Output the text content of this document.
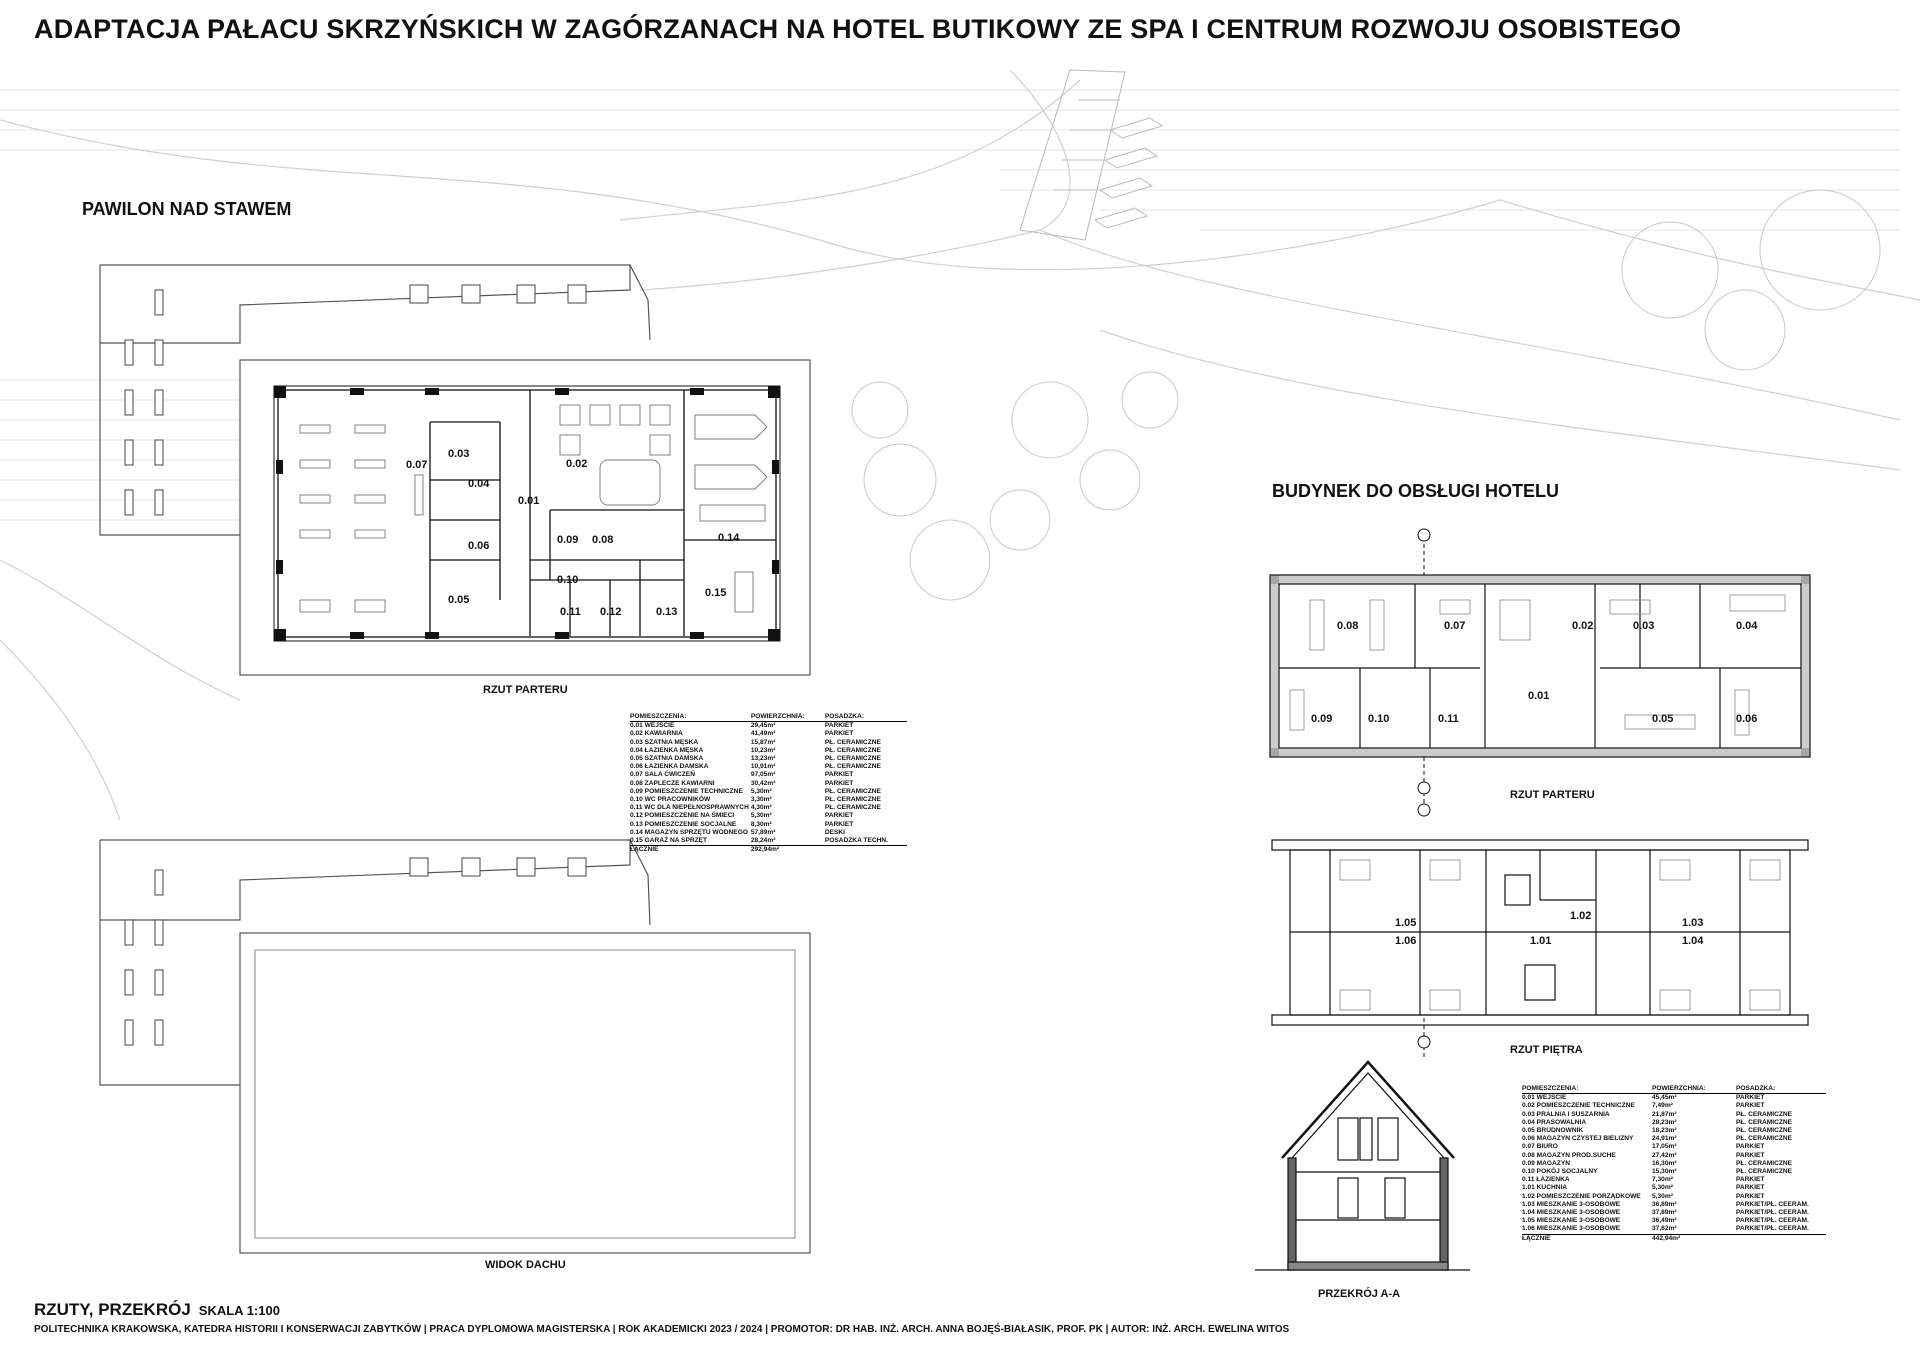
ADAPTACJA PAŁACU SKRZYŃSKICH W ZAGÓRZANACH NA HOTEL BUTIKOWY ZE SPA I CENTRUM ROZWOJU OSOBISTEGO
PAWILON NAD STAWEM
0.07
0.01
0.02
0.03
0.04
0.05
0.06	0.08
0.09
0.10
0.11 0.12	0.13
0.14
0.15
RZUT PARTERU
WIDOK DACHU
POMIESZCZENIA:	POWIERZCHNIA:	POSADZKA:
0.01 WEJŚCIE	29,45m²	PARKIET
0.02 KAWIARNIA	41,49m²	PARKIET
0.03 SZATNIA MĘSKA	15,87m²	PŁ. CERAMICZNE
0.04 ŁAZIENKA MĘSKA	10,23m²	PŁ. CERAMICZNE
0.05 SZATNIA DAMSKA	13,23m²	PŁ. CERAMICZNE
0.06 ŁAZIENKA DAMSKA	10,91m²	PŁ. CERAMICZNE
0.07 SALA ĆWICZEŃ	97,05m²	PARKIET
0.08 ZAPLECZE KAWIARNI	30,42m²	PARKIET
0.09 POMIESZCZENIE TECHNICZNE	5,30m²	PŁ. CERAMICZNE
0.10 WC PRACOWNIKÓW	3,30m²	PŁ. CERAMICZNE
0.11 WC DLA NIEPEŁNOSPRAWNYCH	4,30m²	PŁ. CERAMICZNE
0.12 POMIESZCZENIE NA ŚMIECI	5,30m²	PARKIET
0.13 POMIESZCZENIE SOCJALNE	8,30m²	PARKIET
0.14 MAGAZYN SPRZĘTU WODNEGO	57,89m²	DESKI
0.15 GARAŻ NA SPRZĘT	28,24m²	POSADZKA TECHN.
ŁĄCZNIE	292,94m²	
BUDYNEK DO OBSŁUGI HOTELU
0.08	0.07	0.02	0.03	0.04
0.09	0.10	0.11
0.01
0.05	0.06
RZUT PARTERU
1.02
1.05	1.03
1.06	1.01	1.04
RZUT PIĘTRA
PRZEKRÓJ A-A
POMIESZCZENIA:	POWIERZCHNIA:	POSADZKA:
0.01 WEJŚCIE	45,45m²	PARKIET
0.02 POMIESZCZENIE TECHNICZNE	7,49m²	PARKIET
0.03 PRALNIA I SUSZARNIA	21,87m²	PŁ. CERAMICZNE
0.04 PRASOWALNIA	28,23m²	PŁ. CERAMICZNE
0.05 BRUDNOWNIK	18,23m²	PŁ. CERAMICZNE
0.06 MAGAZYN CZYSTEJ BIELIZNY	24,91m²	PŁ. CERAMICZNE
0.07 BIURO	17,05m²	PARKIET
0.08 MAGAZYN PROD.SUCHE	27,42m²	PARKIET
0.09 MAGAZYN	16,30m²	PŁ. CERAMICZNE
0.10 POKÓJ SOCJALNY	15,30m²	PŁ. CERAMICZNE
0.11 ŁAZIENKA	7,30m²	PARKIET
1.01 KUCHNIA	5,30m²	PARKIET
1.02 POMIESZCZENIE PORZĄDKOWE	5,30m²	PARKIET
1.03 MIESZKANIE 3-OSOBOWE	36,89m²	PARKIET/PŁ. CEERAM.
1.04 MIESZKANIE 3-OSOBOWE	37,89m²	PARKIET/PŁ. CEERAM.
1.05 MIESZKANIE 3-OSOBOWE	36,49m²	PARKIET/PŁ. CEERAM.
1.06 MIESZKANIE 3-OSOBOWE	37,62m²	PARKIET/PŁ. CEERAM.
ŁĄCZNIE	442,94m²	
RZUTY, PRZEKRÓJ SKALA 1:100
POLITECHNIKA KRAKOWSKA, KATEDRA HISTORII I KONSERWACJI ZABYTKÓW | PRACA DYPLOMOWA MAGISTERSKA | ROK AKADEMICKI 2023 / 2024 | PROMOTOR: DR HAB. INŻ. ARCH. ANNA BOJĘŚ-BIAŁASIK, PROF. PK | AUTOR: INŻ. ARCH. EWELINA WITOS
